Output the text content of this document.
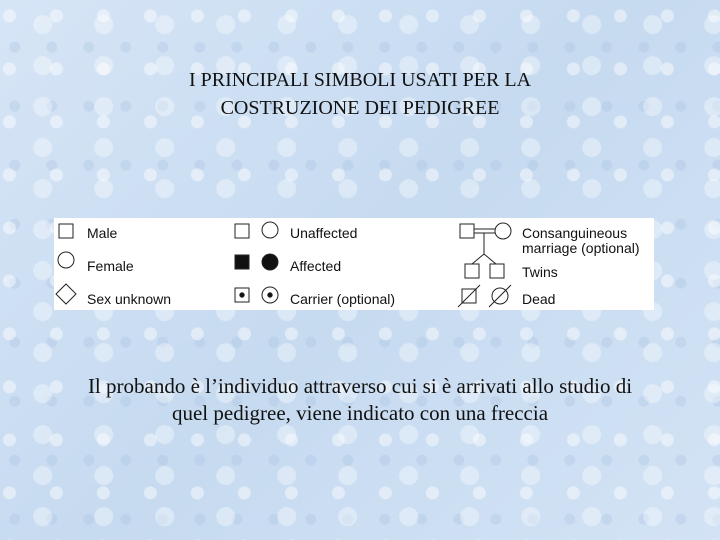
I PRINCIPALI SIMBOLI USATI PER LA
COSTRUZIONE DEI PEDIGREE
Male
Female
Sex unknown
Unaffected
Affected
Carrier (optional)
Consanguineous
marriage (optional)
Twins
Dead
Il probando è l’individuo attraverso cui si è arrivati allo studio di
quel pedigree, viene indicato con una freccia
